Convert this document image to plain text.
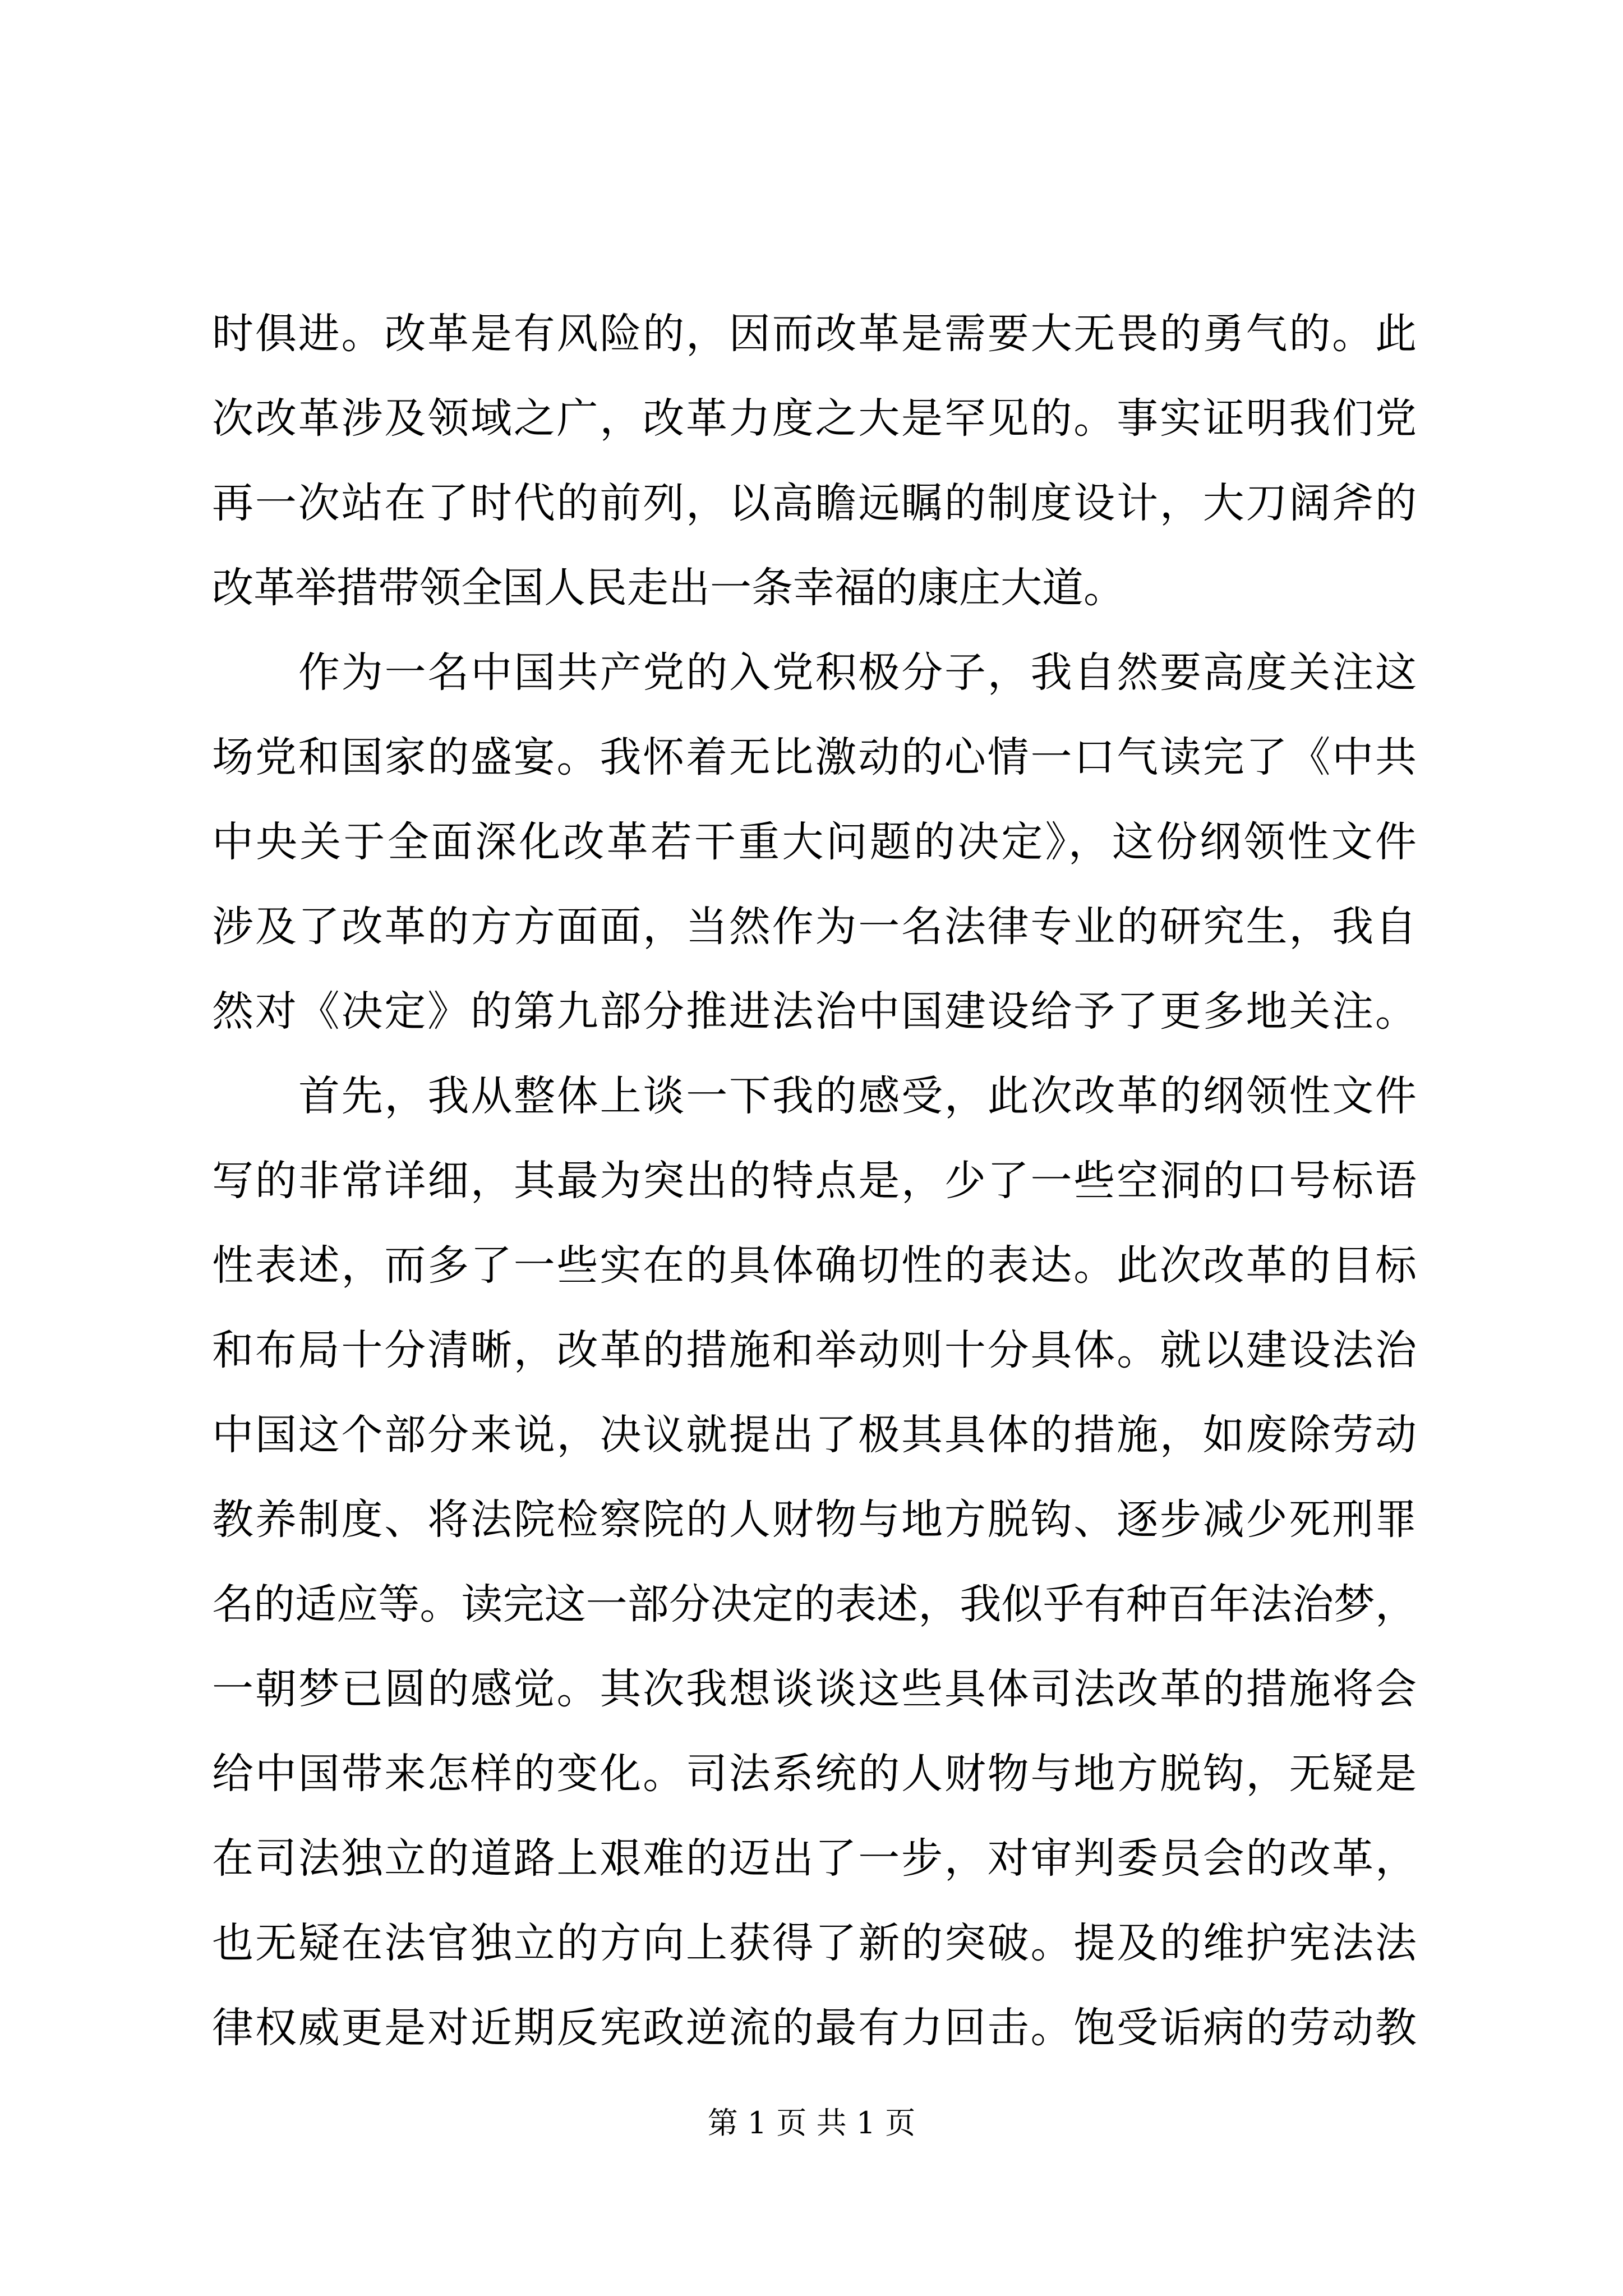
时俱进。改革是有风险的，因而改革是需要大无畏的勇气的。此
次改革涉及领域之广，改革力度之大是罕见的。事实证明我们党
再一次站在了时代的前列，以高瞻远瞩的制度设计，大刀阔斧的
改革举措带领全国人民走出一条幸福的康庄大道。
作为一名中国共产党的入党积极分子，我自然要高度关注这
场党和国家的盛宴。我怀着无比激动的心情一口气读完了《中共
中央关于全面深化改革若干重大问题的决定》，这份纲领性文件
涉及了改革的方方面面，当然作为一名法律专业的研究生，我自
然对《决定》的第九部分推进法治中国建设给予了更多地关注。
首先，我从整体上谈一下我的感受，此次改革的纲领性文件
写的非常详细，其最为突出的特点是，少了一些空洞的口号标语
性表述，而多了一些实在的具体确切性的表达。此次改革的目标
和布局十分清晰，改革的措施和举动则十分具体。就以建设法治
中国这个部分来说，决议就提出了极其具体的措施，如废除劳动
教养制度、将法院检察院的人财物与地方脱钩、逐步减少死刑罪
名的适应等。读完这一部分决定的表述，我似乎有种百年法治梦，
一朝梦已圆的感觉。其次我想谈谈这些具体司法改革的措施将会
给中国带来怎样的变化。司法系统的人财物与地方脱钩，无疑是
在司法独立的道路上艰难的迈出了一步，对审判委员会的改革，
也无疑在法官独立的方向上获得了新的突破。提及的维护宪法法
律权威更是对近期反宪政逆流的最有力回击。饱受诟病的劳动教
第 1 页 共 1 页
